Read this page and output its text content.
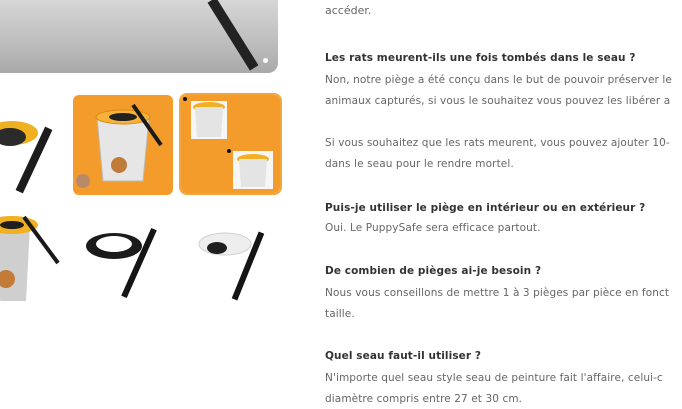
accéder.
Les rats meurent-ils une fois tombés dans le seau ?
Non, notre piège a été conçu dans le but de pouvoir préserver le
animaux capturés, si vous le souhaitez vous pouvez les libérer a
Si vous souhaitez que les rats meurent, vous pouvez ajouter 10-
dans le seau pour le rendre mortel.
Puis-je utiliser le piège en intérieur ou en extérieur ?
Oui. Le PuppySafe sera efficace partout.
De combien de pièges ai-je besoin ?
Nous vous conseillons de mettre 1 à 3 pièges par pièce en fonct
taille.
Quel seau faut-il utiliser ?
N'importe quel seau style seau de peinture fait l'affaire, celui-c
diamètre compris entre 27 et 30 cm.
